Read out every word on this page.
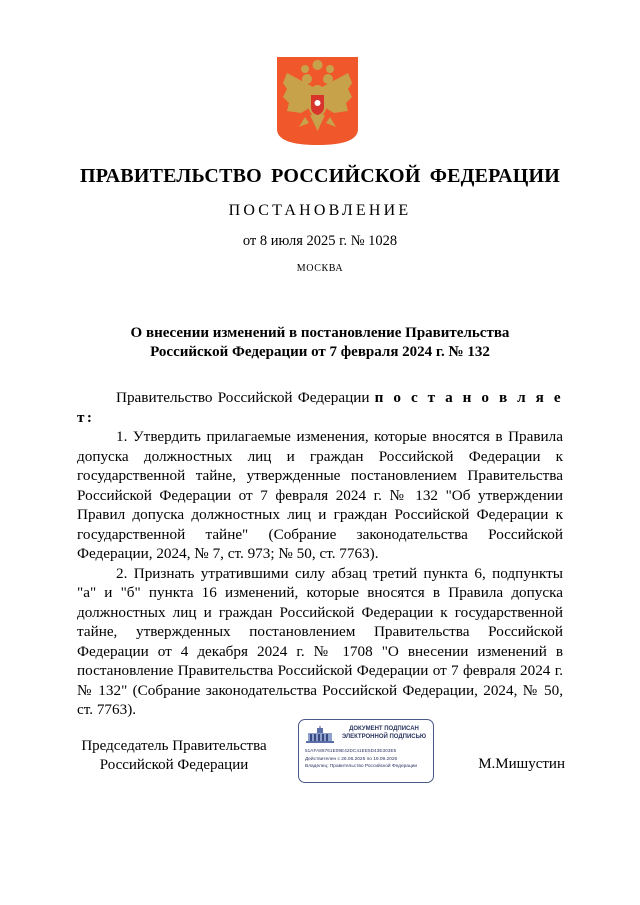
ПРАВИТЕЛЬСТВО РОССИЙСКОЙ ФЕДЕРАЦИИ
ПОСТАНОВЛЕНИЕ
от 8 июля 2025 г. № 1028
МОСКВА
О внесении изменений в постановление Правительства
Российской Федерации от 7 февраля 2024 г. № 132
Правительство Российской Федерации п о с т а н о в л я е т:

1. Утвердить прилагаемые изменения, которые вносятся в Правила допуска должностных лиц и граждан Российской Федерации к государственной тайне, утвержденные постановлением Правительства Российской Федерации от 7 февраля 2024 г. № 132 "Об утверждении Правил допуска должностных лиц и граждан Российской Федерации к государственной тайне" (Собрание законодательства Российской Федерации, 2024, № 7, ст. 973; № 50, ст. 7763).

2. Признать утратившими силу абзац третий пункта 6, подпункты "а" и "б" пункта 16 изменений, которые вносятся в Правила допуска должностных лиц и граждан Российской Федерации к государственной тайне, утвержденных постановлением Правительства Российской Федерации от 4 декабря 2024 г. № 1708 "О внесении изменений в постановление Правительства Российской Федерации от 7 февраля 2024 г. № 132" (Собрание законодательства Российской Федерации, 2024, № 50, ст. 7763).

Председатель Правительства
Российской Федерации
ДОКУМЕНТ ПОДПИСАН
ЭЛЕКТРОННОЙ ПОДПИСЬЮ
51AFA88761E09E42DC41EE5D43E303E5
Действителен с 26.06.2025 по 19.09.2026
Владелец: Правительство Российской Федерации	М.Мишустин
